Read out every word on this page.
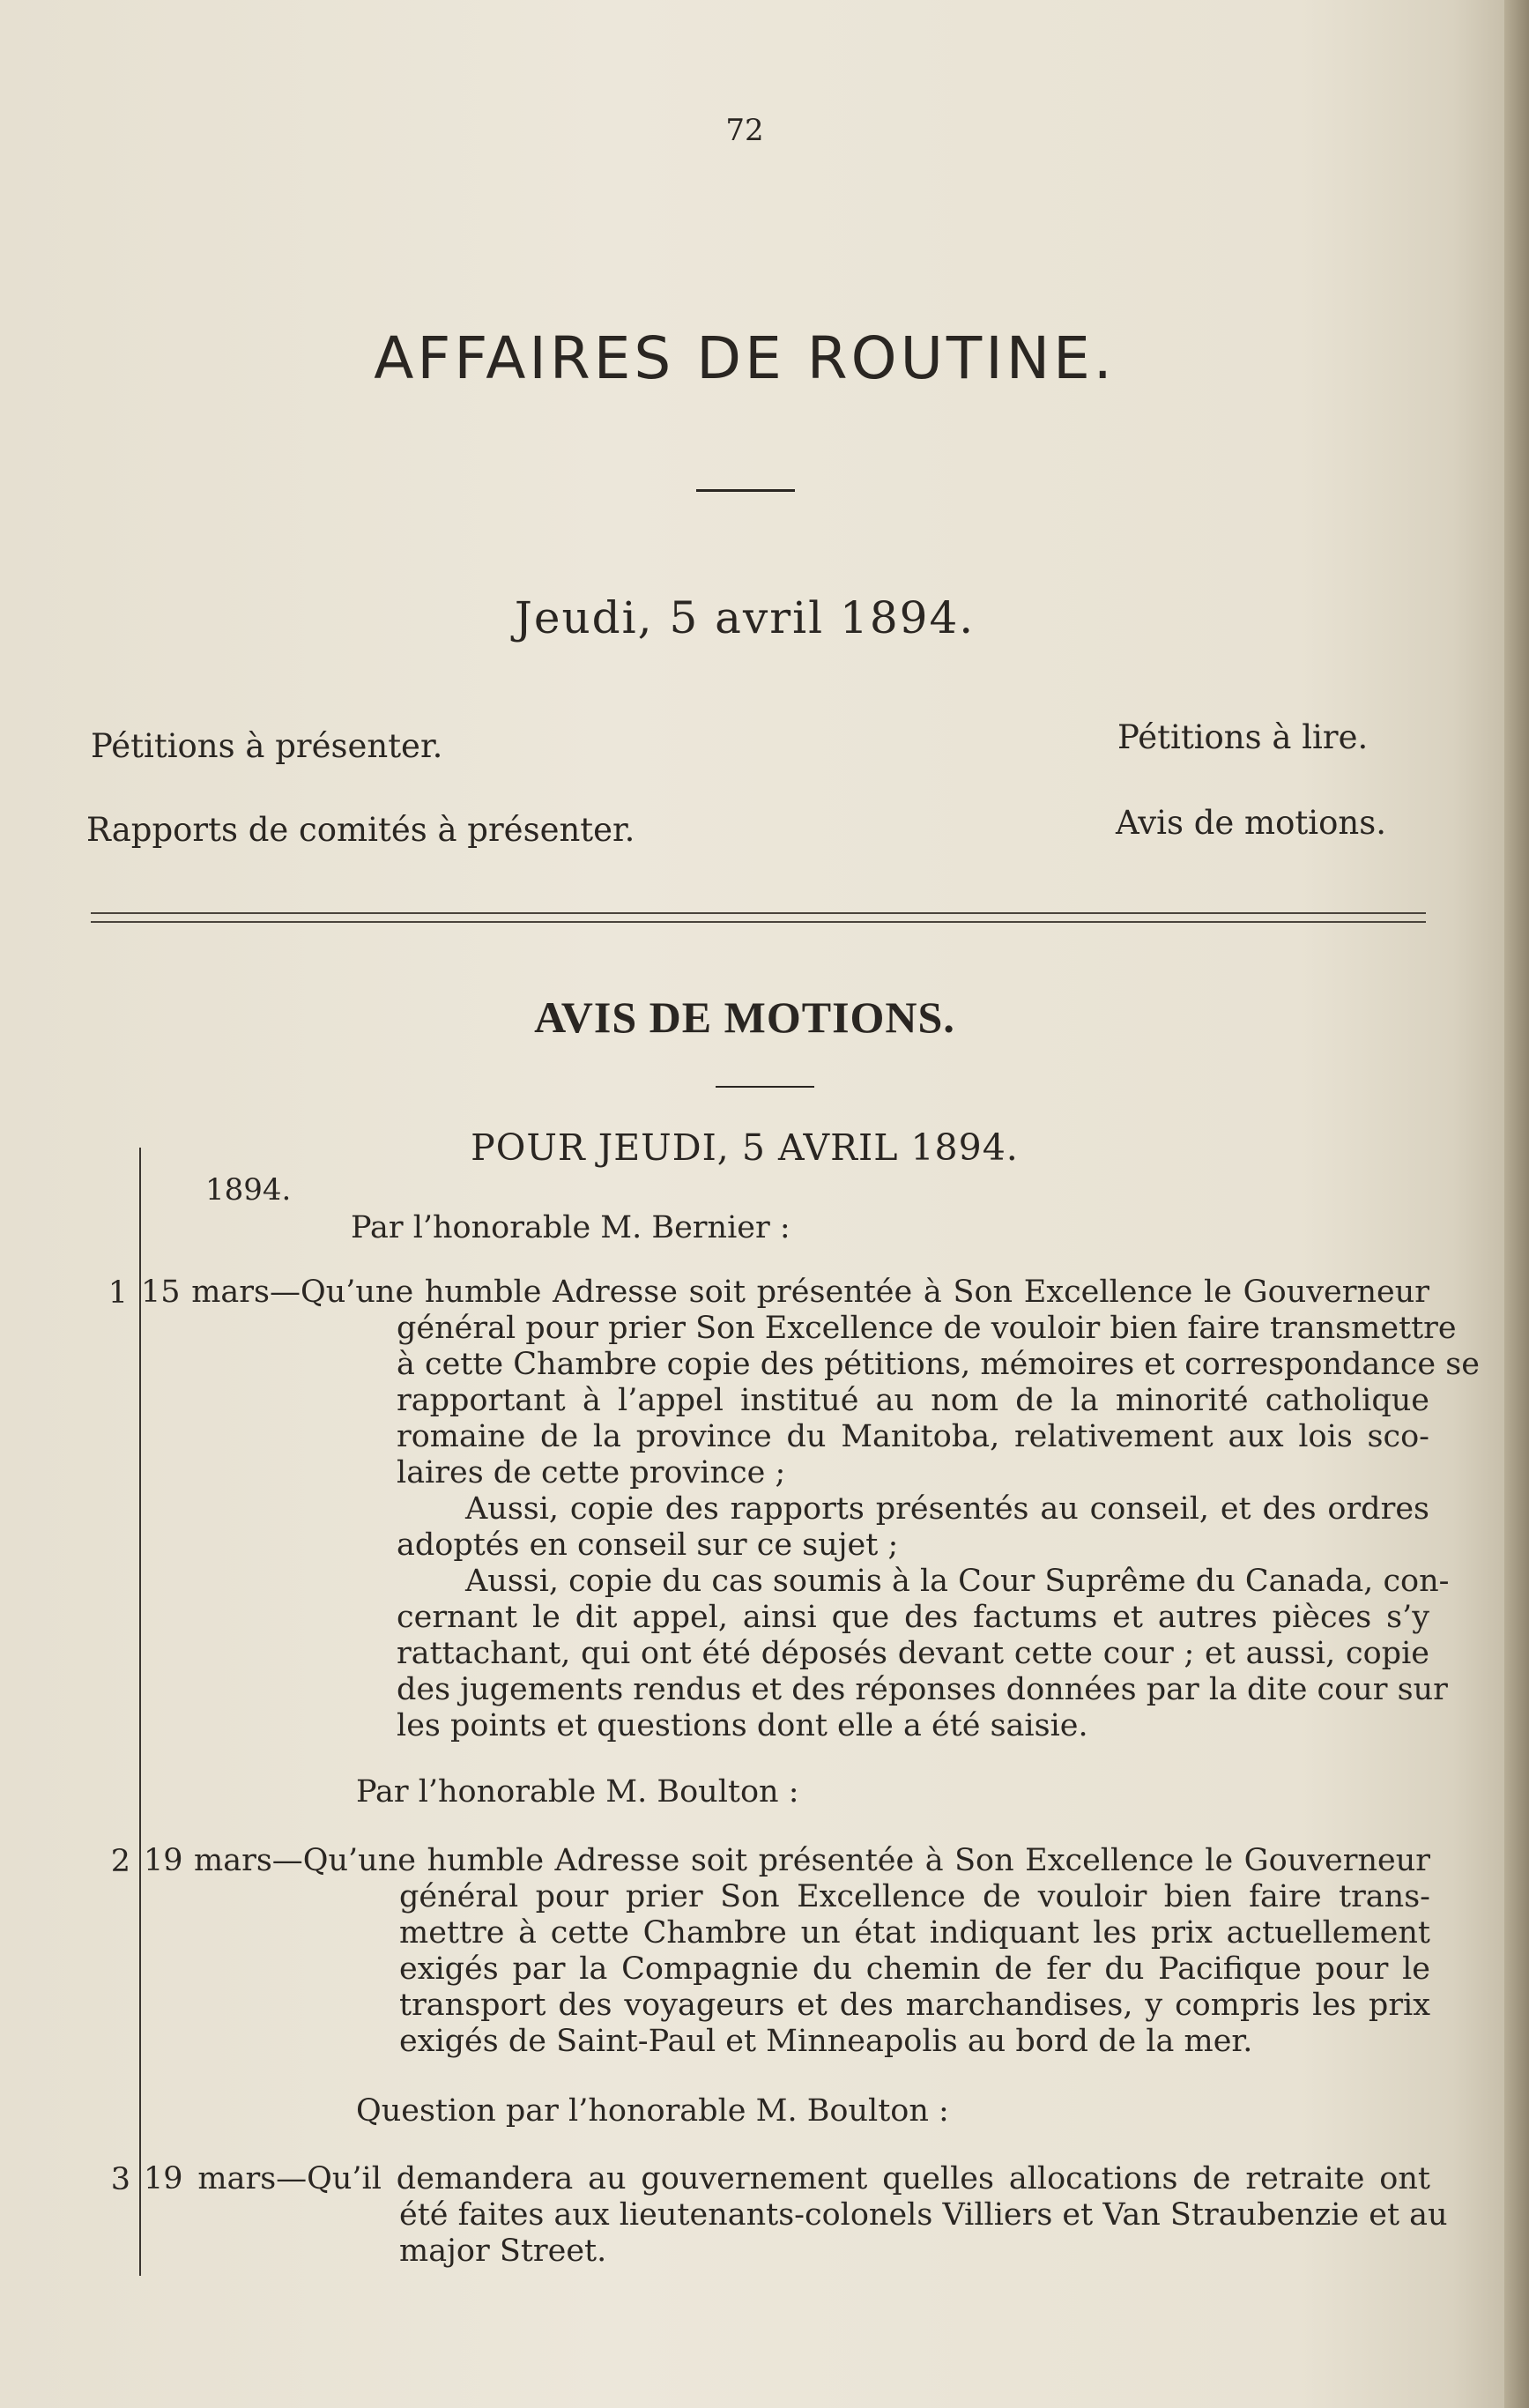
72
AFFAIRES DE ROUTINE.
Jeudi, 5 avril 1894.
Pétitions à présenter.
Rapports de comités à présenter.
Pétitions à lire.
Avis de motions.
AVIS DE MOTIONS.
POUR JEUDI, 5 AVRIL 1894.
1894.
Par l’honorable M. Bernier :
1 15 mars—Qu’une humble Adresse soit présentée à Son Excellence le Gouverneur
général pour prier Son Excellence de vouloir bien faire transmettre
à cette Chambre copie des pétitions, mémoires et correspondance se
rapportant à l’appel institué au nom de la minorité catholique
romaine de la province du Manitoba, relativement aux lois sco-
laires de cette province ;
Aussi, copie des rapports présentés au conseil, et des ordres
adoptés en conseil sur ce sujet ;
Aussi, copie du cas soumis à la Cour Suprême du Canada, con-
cernant le dit appel, ainsi que des factums et autres pièces s’y
rattachant, qui ont été déposés devant cette cour ; et aussi, copie
des jugements rendus et des réponses données par la dite cour sur
les points et questions dont elle a été saisie.
Par l’honorable M. Boulton :
2 19 mars—Qu’une humble Adresse soit présentée à Son Excellence le Gouverneur
général pour prier Son Excellence de vouloir bien faire trans-
mettre à cette Chambre un état indiquant les prix actuellement
exigés par la Compagnie du chemin de fer du Pacifique pour le
transport des voyageurs et des marchandises, y compris les prix
exigés de Saint-Paul et Minneapolis au bord de la mer.
Question par l’honorable M. Boulton :
3 19 mars—Qu’il demandera au gouvernement quelles allocations de retraite ont
été faites aux lieutenants-colonels Villiers et Van Straubenzie et au
major Street.
